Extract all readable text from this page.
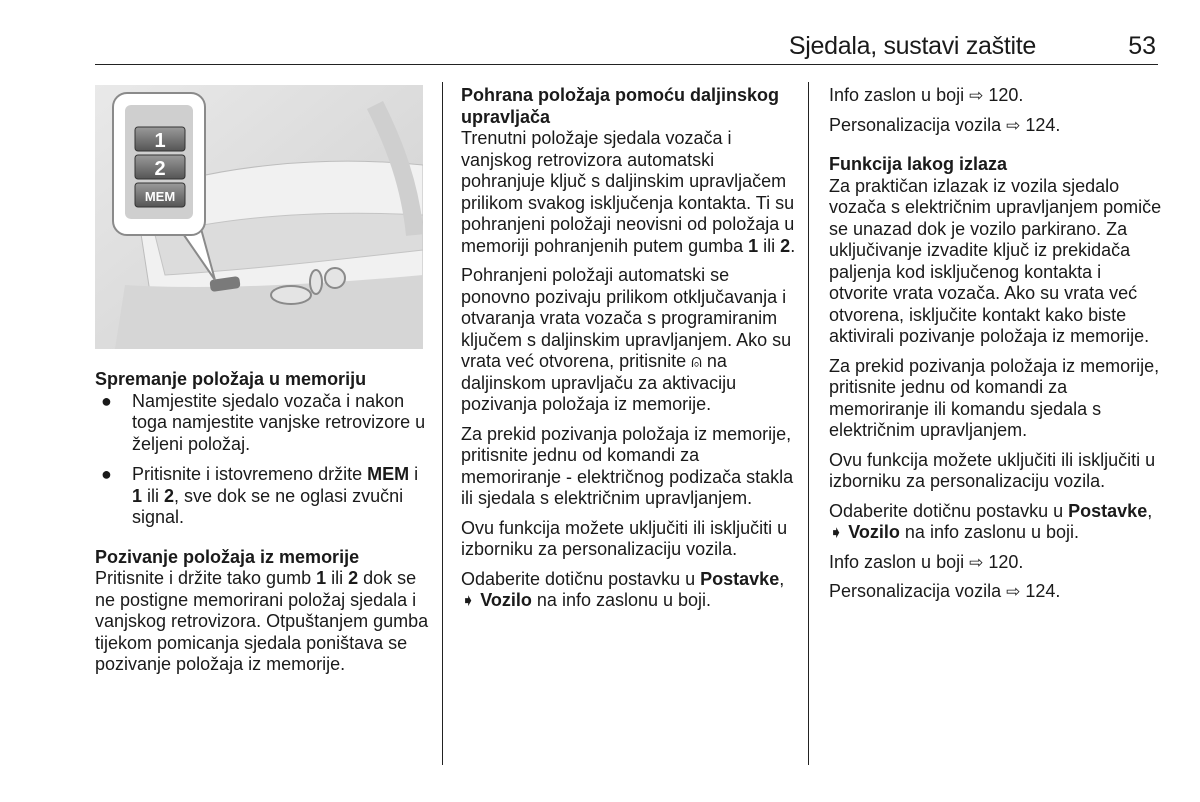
Sjedala, sustavi zaštite	53
1
2
MEM

Spremanje položaja u memoriju

● Namjestite sjedalo vozača i nakon toga namjestite vanjske retrovizore u željeni položaj.
● Pritisnite i istovremeno držite MEM i 1 ili 2, sve dok se ne oglasi zvučni signal.

Pozivanje položaja iz memorije

Pritisnite i držite tako gumb 1 ili 2 dok se ne postigne memorirani položaj sjedala i vanjskog retrovizora. Otpuštanjem gumba tijekom pomicanja sjedala poništava se pozivanje položaja iz memorije.

Pohrana položaja pomoću daljinskog upravljača

Trenutni položaje sjedala vozača i vanjskog retrovizora automatski pohranjuje ključ s daljinskim upravljačem prilikom svakog isključenja kontakta. Ti su pohranjeni položaji neovisni od položaja u memoriji pohranjenih putem gumba 1 ili 2.

Pohranjeni položaji automatski se ponovno pozivaju prilikom otključavanja i otvaranja vrata vozača s programiranim ključem s daljinskim upravljanjem. Ako su vrata već otvorena, pritisnite ⍝ na daljinskom upravljaču za aktivaciju pozivanja položaja iz memorije.

Za prekid pozivanja položaja iz memorije, pritisnite jednu od komandi za memoriranje - električnog podizača stakla ili sjedala s električnim upravljanjem.

Ovu funkcija možete uključiti ili isključiti u izborniku za personalizaciju vozila.

Odaberite dotičnu postavku u Postavke, ➧ Vozilo na info zaslonu u boji.

Info zaslon u boji ⇨ 120.

Personalizacija vozila ⇨ 124.

Funkcija lakog izlaza

Za praktičan izlazak iz vozila sjedalo vozača s električnim upravljanjem pomiče se unazad dok je vozilo parkirano. Za uključivanje izvadite ključ iz prekidača paljenja kod isključenog kontakta i otvorite vrata vozača. Ako su vrata već otvorena, isključite kontakt kako biste aktivirali pozivanje položaja iz memorije.

Za prekid pozivanja položaja iz memorije, pritisnite jednu od komandi za memoriranje ili komandu sjedala s električnim upravljanjem.

Ovu funkcija možete uključiti ili isključiti u izborniku za personalizaciju vozila.

Odaberite dotičnu postavku u Postavke, ➧ Vozilo na info zaslonu u boji.

Info zaslon u boji ⇨ 120.

Personalizacija vozila ⇨ 124.
